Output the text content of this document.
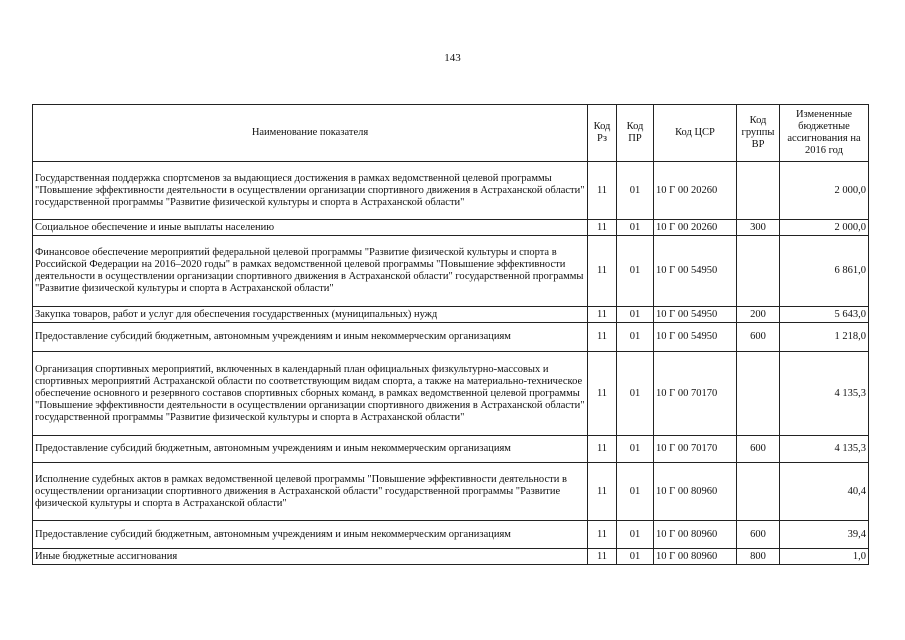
143
Наименование показателя	Код Рз	Код ПР	Код ЦСР	Код группы ВР	Измененные бюджетные ассигнования на 2016 год
Государственная поддержка спортсменов за выдающиеся достижения в рамках ведомственной целевой программы "Повышение эффективности деятельности в осуществлении организации спортивного движения в Астраханской области" государственной программы "Развитие физической культуры и спорта в Астраханской области"	11	01	10 Г 00 20260		2 000,0
Социальное обеспечение и иные выплаты населению	11	01	10 Г 00 20260	300	2 000,0
Финансовое обеспечение мероприятий федеральной целевой программы "Развитие физической культуры и спорта в Российской Федерации на 2016–2020 годы" в рамках ведомственной целевой программы "Повышение эффективности деятельности в осуществлении организации спортивного движения в Астраханской области" государственной программы "Развитие физической культуры и спорта в Астраханской области"	11	01	10 Г 00 54950		6 861,0
Закупка товаров, работ и услуг для обеспечения государственных (муниципальных) нужд	11	01	10 Г 00 54950	200	5 643,0
Предоставление субсидий бюджетным, автономным учреждениям и иным некоммерческим организациям	11	01	10 Г 00 54950	600	1 218,0
Организация спортивных мероприятий, включенных в календарный план официальных физкультурно-массовых и спортивных мероприятий Астраханской области по соответствующим видам спорта, а также на материально-техническое обеспечение основного и резервного составов спортивных сборных команд, в рамках ведомственной целевой программы "Повышение эффективности деятельности в осуществлении организации спортивного движения в Астраханской области" государственной программы "Развитие физической культуры и спорта в Астраханской области"	11	01	10 Г 00 70170		4 135,3
Предоставление субсидий бюджетным, автономным учреждениям и иным некоммерческим организациям	11	01	10 Г 00 70170	600	4 135,3
Исполнение судебных актов в рамках ведомственной целевой программы "Повышение эффективности деятельности в осуществлении организации спортивного движения в Астраханской области" государственной программы "Развитие физической культуры и спорта в Астраханской области"	11	01	10 Г 00 80960		40,4
Предоставление субсидий бюджетным, автономным учреждениям и иным некоммерческим организациям	11	01	10 Г 00 80960	600	39,4
Иные бюджетные ассигнования	11	01	10 Г 00 80960	800	1,0
